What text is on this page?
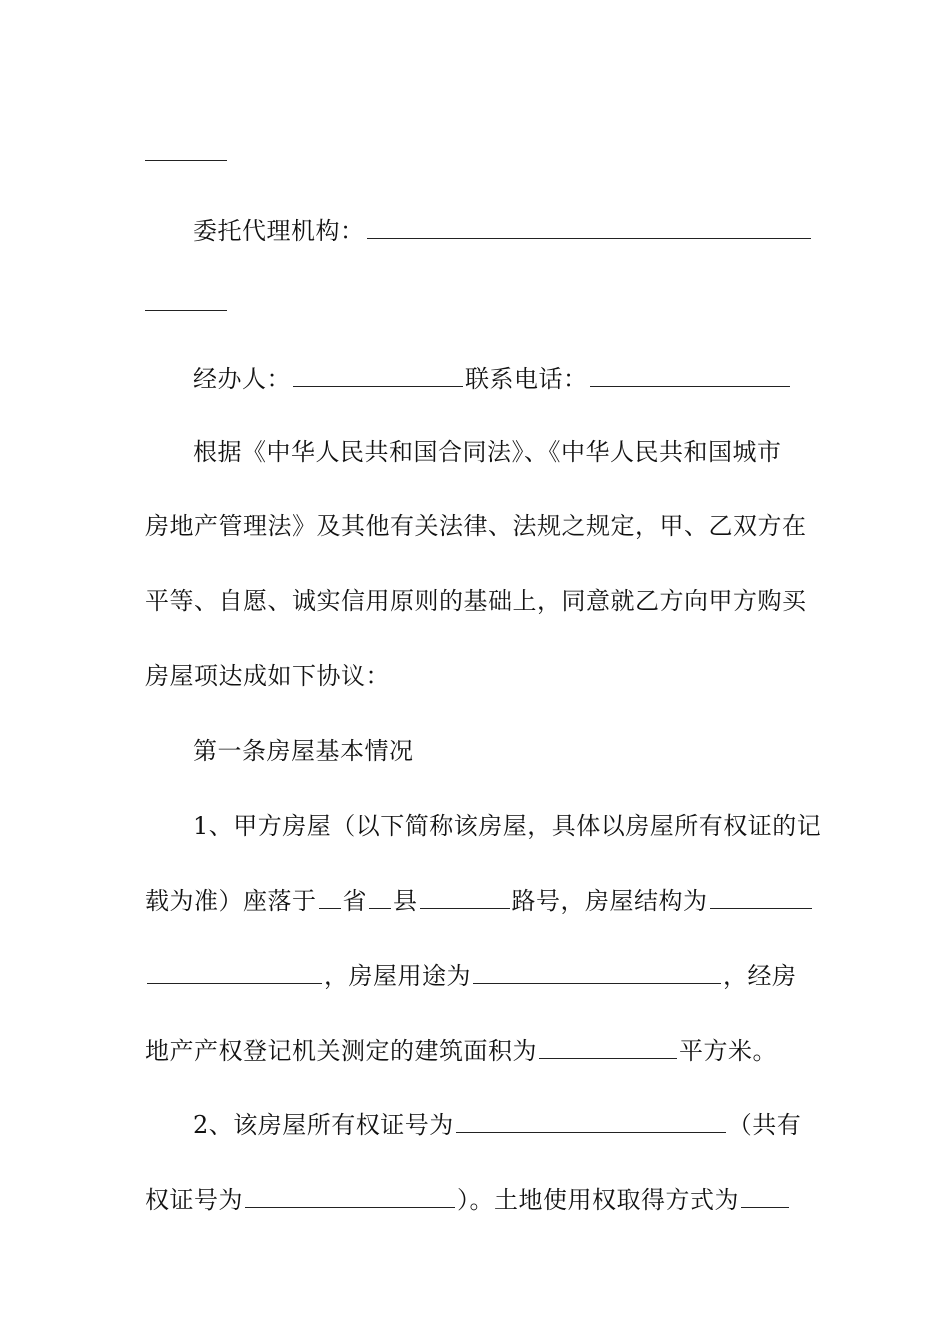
委托代理机构：
经办人：	联系电话：
根据《中华人民共和国合同法》、《中华人民共和国城市
房地产管理法》及其他有关法律、法规之规定，甲、乙双方在
平等、自愿、诚实信用原则的基础上，同意就乙方向甲方购买
房屋项达成如下协议：
第一条房屋基本情况
1、甲方房屋（以下简称该房屋，具体以房屋所有权证的记
载为准）座落于 省 县	路号，房屋结构为
，房屋用途为	，经房
地产产权登记机关测定的建筑面积为	平方米。
2、该房屋所有权证号为	（共有
权证号为	）。土地使用权取得方式为
